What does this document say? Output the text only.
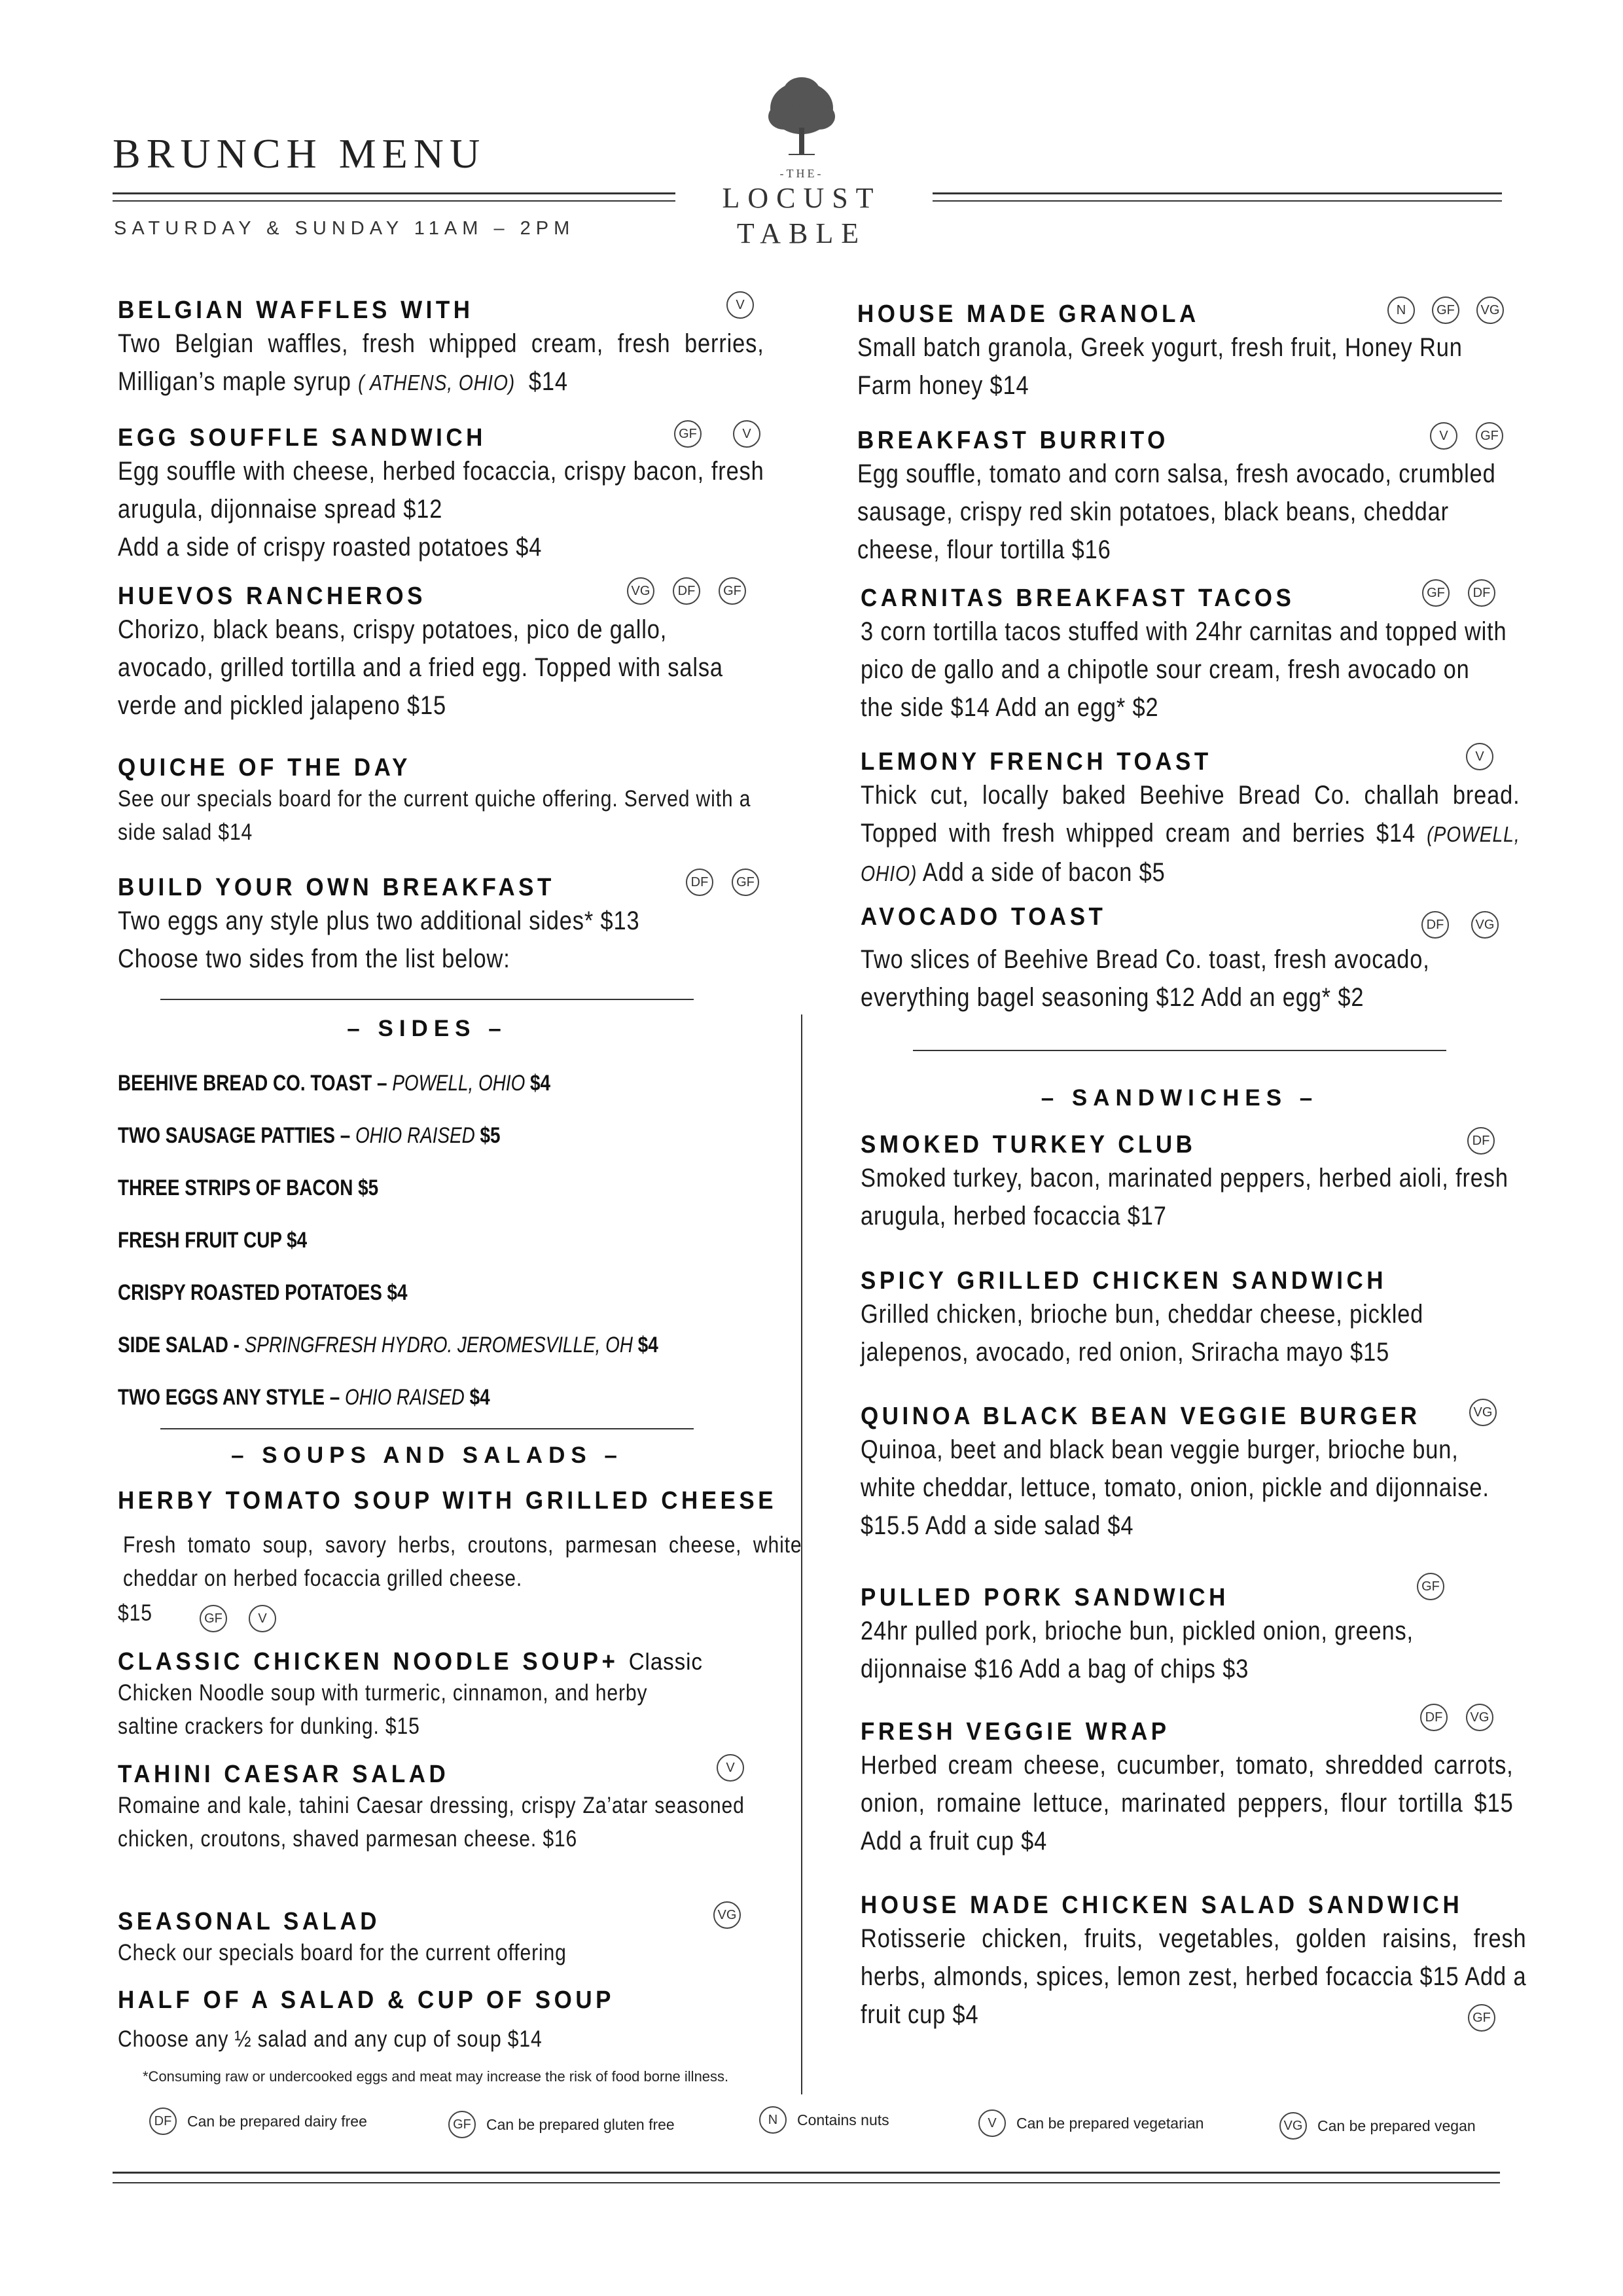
BRUNCH MENU
SATURDAY & SUNDAY 11AM – 2PM
-THE-
LOCUST
TABLE
BELGIAN WAFFLES WITH

Two Belgian waffles, fresh whipped cream, fresh berries, Milligan’s maple syrup ( ATHENS, OHIO) $14

V
EGG SOUFFLE SANDWICH

Egg souffle with cheese, herbed focaccia, crispy bacon, fresh arugula, dijonnaise spread $12

Add a side of crispy roasted potatoes $4

GF	V
HUEVOS RANCHEROS

Chorizo, black beans, crispy potatoes, pico de gallo, avocado, grilled tortilla and a fried egg. Topped with salsa verde and pickled jalapeno $15

VG	DF	GF
QUICHE OF THE DAY

See our specials board for the current quiche offering. Served with a side salad $14

BUILD YOUR OWN BREAKFAST

Two eggs any style plus two additional sides* $13

Choose two sides from the list below:

DF	GF
– SIDES –
BEEHIVE BREAD CO. TOAST – POWELL, OHIO $4
TWO SAUSAGE PATTIES – OHIO RAISED $5
THREE STRIPS OF BACON $5
FRESH FRUIT CUP $4
CRISPY ROASTED POTATOES $4
SIDE SALAD - SPRINGFRESH HYDRO. JEROMESVILLE, OH $4
TWO EGGS ANY STYLE – OHIO RAISED $4
– SOUPS AND SALADS –
HERBY TOMATO SOUP WITH GRILLED CHEESE

Fresh tomato soup, savory herbs, croutons, parmesan cheese, white cheddar on herbed focaccia grilled cheese.

$15	GF	V
CLASSIC CHICKEN NOODLE SOUP+ Classic

Chicken Noodle soup with turmeric, cinnamon, and herby saltine crackers for dunking. $15

TAHINI CAESAR SALAD

Romaine and kale, tahini Caesar dressing, crispy Za’atar seasoned chicken, croutons, shaved parmesan cheese. $16

V
SEASONAL SALAD

Check our specials board for the current offering

VG
HALF OF A SALAD & CUP OF SOUP

Choose any ½ salad and any cup of soup $14

*Consuming raw or undercooked eggs and meat may increase the risk of food borne illness.
HOUSE MADE GRANOLA

Small batch granola, Greek yogurt, fresh fruit, Honey Run Farm honey $14

N	GF	VG
BREAKFAST BURRITO

Egg souffle, tomato and corn salsa, fresh avocado, crumbled sausage, crispy red skin potatoes, black beans, cheddar cheese, flour tortilla $16

V	GF
CARNITAS BREAKFAST TACOS

3 corn tortilla tacos stuffed with 24hr carnitas and topped with pico de gallo and a chipotle sour cream, fresh avocado on the side $14 Add an egg* $2

GF	DF
LEMONY FRENCH TOAST

Thick cut, locally baked Beehive Bread Co. challah bread. Topped with fresh whipped cream and berries $14 (POWELL, OHIO) Add a side of bacon $5

V
AVOCADO TOAST

Two slices of Beehive Bread Co. toast, fresh avocado, everything bagel seasoning $12 Add an egg* $2

DF	VG
– SANDWICHES –
SMOKED TURKEY CLUB

Smoked turkey, bacon, marinated peppers, herbed aioli, fresh arugula, herbed focaccia $17

DF
SPICY GRILLED CHICKEN SANDWICH

Grilled chicken, brioche bun, cheddar cheese, pickled jalepenos, avocado, red onion, Sriracha mayo $15

QUINOA BLACK BEAN VEGGIE BURGER

Quinoa, beet and black bean veggie burger, brioche bun, white cheddar, lettuce, tomato, onion, pickle and dijonnaise. $15.5 Add a side salad $4

VG
PULLED PORK SANDWICH

24hr pulled pork, brioche bun, pickled onion, greens, dijonnaise $16 Add a bag of chips $3

GF
FRESH VEGGIE WRAP

Herbed cream cheese, cucumber, tomato, shredded carrots, onion, romaine lettuce, marinated peppers, flour tortilla $15 Add a fruit cup $4

DF	VG
HOUSE MADE CHICKEN SALAD SANDWICH

Rotisserie chicken, fruits, vegetables, golden raisins, fresh herbs, almonds, spices, lemon zest, herbed focaccia $15 Add a fruit cup $4	GF
DF	Can be prepared dairy free	GF	Can be prepared gluten free	N	Contains nuts	V	Can be prepared vegetarian	VG Can be prepared vegan
